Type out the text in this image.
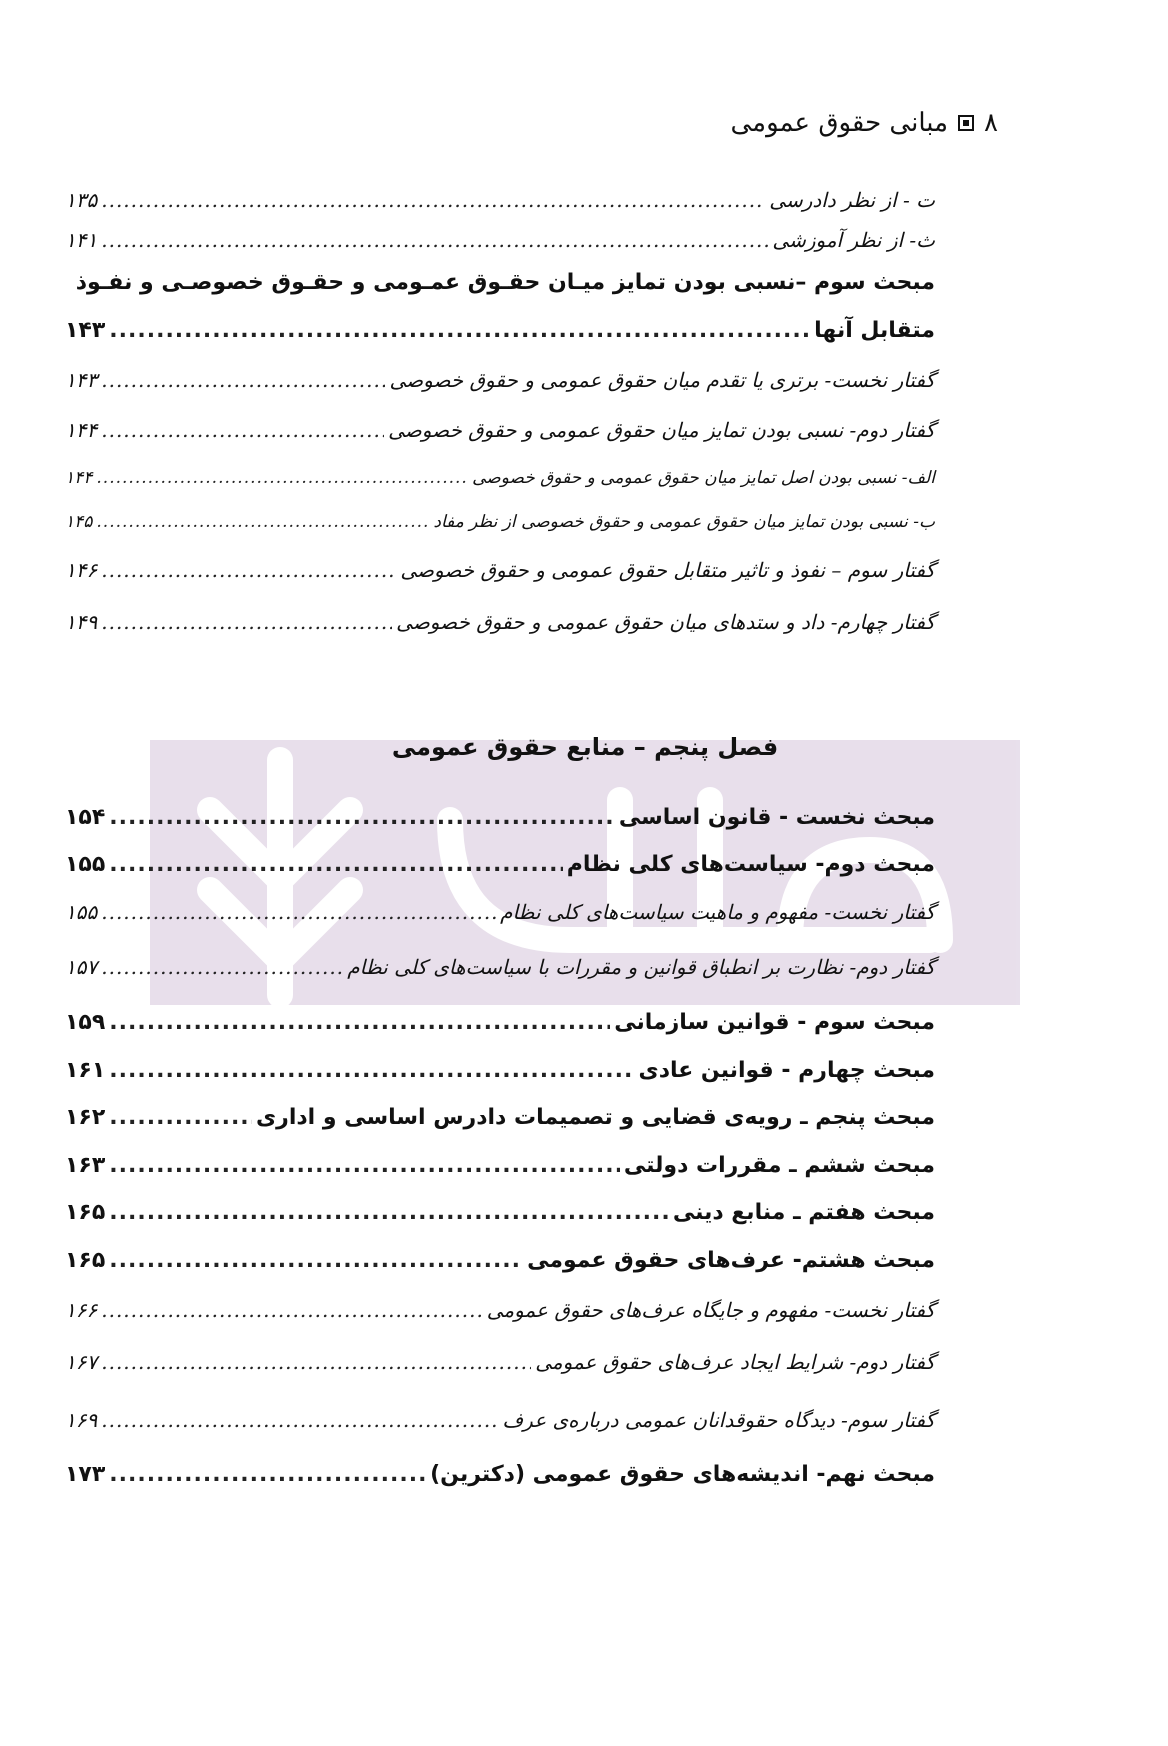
۸
مبانی حقوق عمومی
ت - از نظر دادرسی
.....
۱۳۵
ث- از نظر آموزشی
.....
۱۴۱
مبحث سوم –نسبی بودن تمایز میـان حقـوق عمـومی و حقـوق خصوصـی و نفـوذ
متقابل آنها
.....
۱۴۳
گفتار نخست- برتری یا تقدم میان حقوق عمومی و حقوق خصوصی
.....
۱۴۳
گفتار دوم- نسبی بودن تمایز میان حقوق عمومی و حقوق خصوصی
.....
۱۴۴
الف- نسبی بودن اصل تمایز میان حقوق عمومی و حقوق خصوصی
.....
۱۴۴
ب- نسبی بودن تمایز میان حقوق عمومی و حقوق خصوصی از نظر مفاد
.....
۱۴۵
گفتار سوم – نفوذ و تاثیر متقابل حقوق عمومی و حقوق خصوصی
.....
۱۴۶
گفتار چهارم- داد و ستدهای میان حقوق عمومی و حقوق خصوصی
.....
۱۴۹
فصل پنجم – منابع حقوق عمومی
مبحث نخست - قانون اساسی
.....
۱۵۴
مبحث دوم- سیاست‌های کلی نظام
.....
۱۵۵
گفتار نخست- مفهوم و ماهیت سیاست‌های کلی نظام
.....
۱۵۵
گفتار دوم- نظارت بر انطباق قوانین و مقررات با سیاست‌های کلی نظام
.....
۱۵۷
مبحث سوم - قوانین سازمانی
.....
۱۵۹
مبحث چهارم - قوانین عادی
.....
۱۶۱
مبحث پنجم ـ رویه‌ی قضایی و تصمیمات دادرس اساسی و اداری
.....
۱۶۲
مبحث ششم ـ مقررات دولتی
.....
۱۶۳
مبحث هفتم ـ منابع دینی
.....
۱۶۵
مبحث هشتم- عرف‌های حقوق عمومی
.....
۱۶۵
گفتار نخست- مفهوم و جایگاه عرف‌های حقوق عمومی
.....
۱۶۶
گفتار دوم- شرایط ایجاد عرف‌های حقوق عمومی
.....
۱۶۷
گفتار سوم- دیدگاه حقوقدانان عمومی درباره‌ی عرف
.....
۱۶۹
مبحث نهم- اندیشه‌های حقوق عمومی (دکترین)
.....
۱۷۳
